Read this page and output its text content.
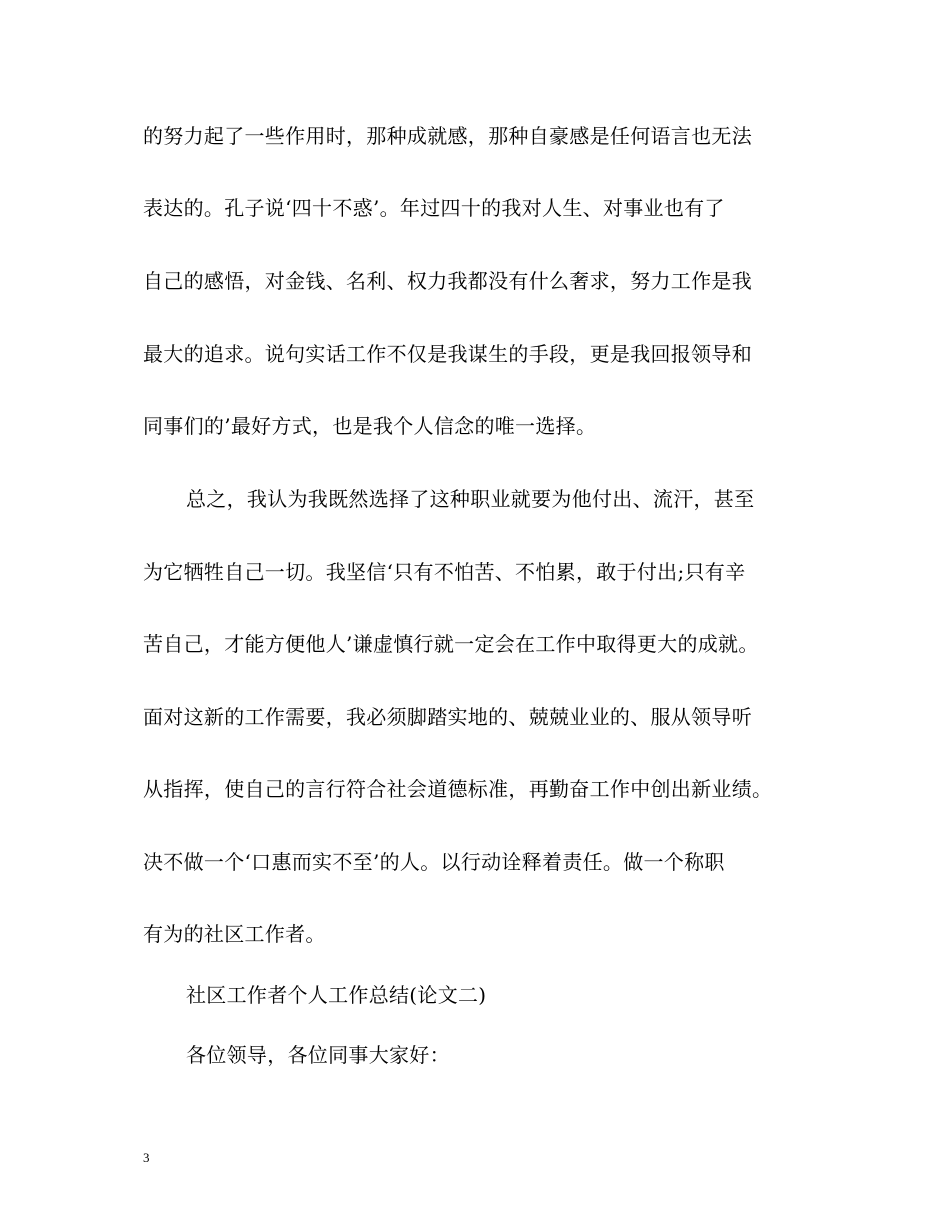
的努力起了一些作用时，那种成就感，那种自豪感是任何语言也无法
表达的。孔子说‘四十不惑’。年过四十的我对人生、对事业也有了
自己的感悟，对金钱、名利、权力我都没有什么奢求，努力工作是我
最大的追求。说句实话工作不仅是我谋生的手段，更是我回报领导和
同事们的’最好方式，也是我个人信念的唯一选择。
总之，我认为我既然选择了这种职业就要为他付出、流汗，甚至
为它牺牲自己一切。我坚信‘只有不怕苦、不怕累，敢于付出;只有辛
苦自己，才能方便他人’谦虚慎行就一定会在工作中取得更大的成就。
面对这新的工作需要，我必须脚踏实地的、兢兢业业的、服从领导听
从指挥，使自己的言行符合社会道德标准，再勤奋工作中创出新业绩。
决不做一个‘口惠而实不至’的人。以行动诠释着责任。做一个称职
有为的社区工作者。
社区工作者个人工作总结(论文二)
各位领导，各位同事大家好：
3
